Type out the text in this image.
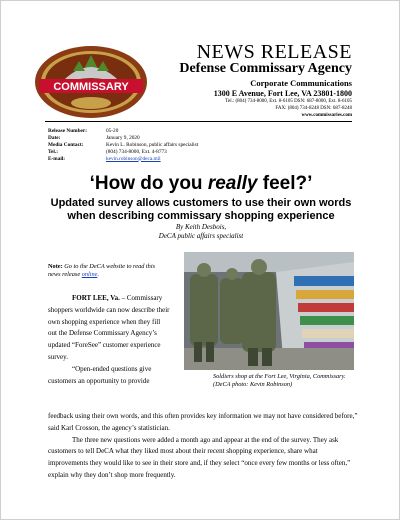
COMMISSARY
NEWS RELEASE
Defense Commissary Agency
Corporate Communications
1300 E Avenue, Fort Lee, VA 23801-1800
Tel.: (804) 734-8000, Ext. 8-6105 DSN: 687-8000, Ext. 8-6105
FAX: (804) 734-8248 DSN: 687-8248
www.commissaries.com
Release Number:	05-20
Date:	January 9, 2020
Media Contact:	Kevin L. Robinson, public affairs specialist
Tel.:	(804) 734-8000, Ext. 4-8773
E-mail:	kevin.robinson@deca.mil
‘How do you really feel?’
Updated survey allows customers to use their own words
when describing commissary shopping experience
By Keith Desbois,
DeCA public affairs specialist
Note: Go to the DeCA website to read this news release online.

FORT LEE, Va. – Commissary shoppers worldwide can now describe their own shopping experience when they fill out the Defense Commissary Agency’s updated “ForeSee” customer experience survey.

“Open-ended questions give customers an opportunity to provide

feedback using their own words, and this often provides key information we may not have considered before,” said Karl Crosson, the agency’s statistician.

The three new questions were added a month ago and appear at the end of the survey. They ask customers to tell DeCA what they liked most about their recent shopping experience, share what improvements they would like to see in their store and, if they select “once every few months or less often,” explain why they don’t shop more frequently.

Soldiers shop at the Fort Lee, Virginia, Commissary. (DeCA photo: Kevin Robinson)
